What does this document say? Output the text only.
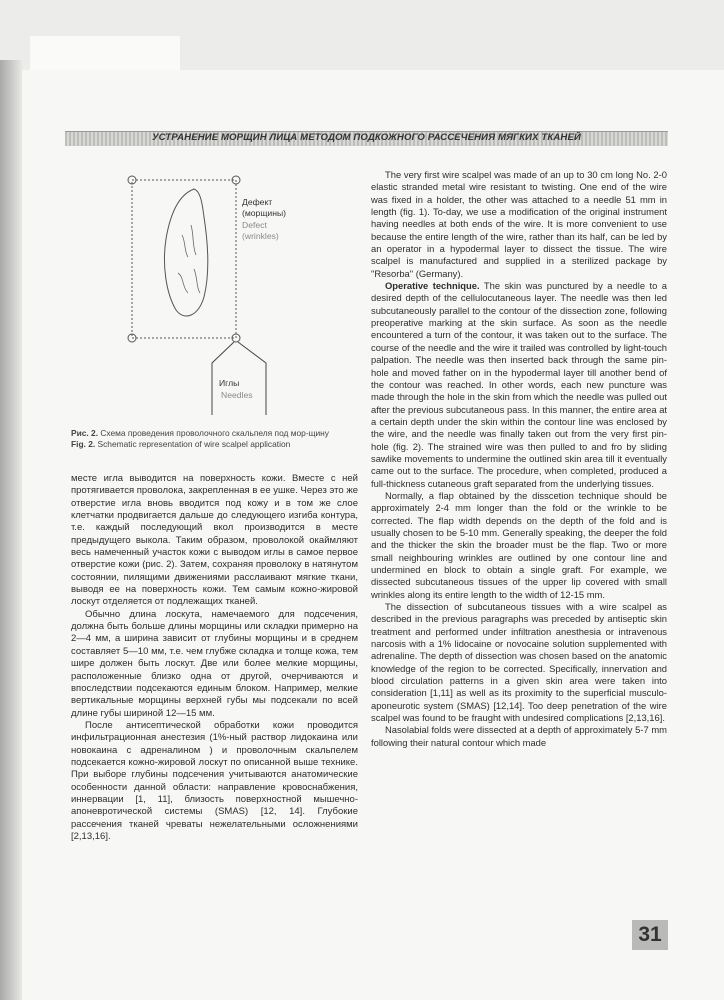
УСТРАНЕНИЕ МОРЩИН ЛИЦА МЕТОДОМ ПОДКОЖНОГО РАССЕЧЕНИЯ МЯГКИХ ТКАНЕЙ
Дефект
(морщины)
Defect
(wrinkles)
Иглы
Needles
Рис. 2. Схема проведения проволочного скальпеля под мор-щину
Fig. 2. Schematic representation of wire scalpel application

месте игла выводится на поверхность кожи. Вместе с ней протягивается проволока, закрепленная в ее ушке. Через это же отверстие игла вновь вводится под кожу и в том же слое клетчатки продвигается дальше до следующего изгиба контура, т.е. каждый последующий вкол производится в месте предыдущего выкола. Таким образом, проволокой окаймляют весь намеченный участок кожи с выводом иглы в самое первое отверстие кожи (рис. 2). Затем, сохраняя проволоку в натянутом состоянии, пилящими движениями расслаивают мягкие ткани, выводя ее на поверхность кожи. Тем самым кожно-жировой лоскут отделяется от подлежащих тканей.

Обычно длина лоскута, намечаемого для подсечения, должна быть больше длины морщины или складки примерно на 2—4 мм, а ширина зависит от глубины морщины и в среднем составляет 5—10 мм, т.е. чем глубже складка и толще кожа, тем шире должен быть лоскут. Две или более мелкие морщины, расположенные близко одна от другой, очерчиваются и впоследствии подсекаются единым блоком. Например, мелкие вертикальные морщины верхней губы мы подсекали по всей длине губы шириной 12—15 мм.

После антисептической обработки кожи проводится инфильтрационная анестезия (1%-ный раствор лидокаина или новокаина с адреналином ) и проволочным скальпелем подсекается кожно-жировой лоскут по описанной выше технике. При выборе глубины подсечения учитываются анатомические особенности данной области: направление кровоснабжения, иннервации [1, 11], близость поверхностной мышечно-апоневротической системы (SMAS) [12, 14]. Глубокие рассечения тканей чреваты нежелательными осложнениями [2,13,16].

The very first wire scalpel was made of an up to 30 cm long No. 2-0 elastic stranded metal wire resistant to twisting. One end of the wire was fixed in a holder, the other was attached to a needle 51 mm in length (fig. 1). To-day, we use a modification of the original instrument having needles at both ends of the wire. It is more convenient to use because the entire length of the wire, rather than its half, can be led by an operator in a hypodermal layer to dissect the tissue. The wire scalpel is manufactured and supplied in a sterilized package by "Resorba" (Germany).

Operative technique. The skin was punctured by a needle to a desired depth of the cellulocutaneous layer. The needle was then led subcutaneously parallel to the contour of the dissection zone, following preoperative marking at the skin surface. As soon as the needle encountered a turn of the contour, it was taken out to the surface. The course of the needle and the wire it trailed was controlled by light-touch palpation. The needle was then inserted back through the same pin-hole and moved father on in the hypodermal layer till another bend of the contour was reached. In other words, each new puncture was made through the hole in the skin from which the needle was pulled out after the previous subcutaneous pass. In this manner, the entire area at a certain depth under the skin within the contour line was enclosed by the wire, and the needle was finally taken out from the very first pin-hole (fig. 2). The strained wire was then pulled to and fro by sliding sawlike movements to undermine the outlined skin area till it eventually came out to the surface. The procedure, when completed, produced a full-thickness cutaneous graft separated from the underlying tissues.

Normally, a flap obtained by the disscetion technique should be approximately 2-4 mm longer than the fold or the wrinkle to be corrected. The flap width depends on the depth of the fold and is usually chosen to be 5-10 mm. Generally speaking, the deeper the fold and the thicker the skin the broader must be the flap. Two or more small neighbouring wrinkles are outlined by one contour line and undermined en block to obtain a single graft. For example, we dissected subcutaneous tissues of the upper lip covered with small wrinkles along its entire length to the width of 12-15 mm.

The dissection of subcutaneous tissues with a wire scalpel as described in the previous paragraphs was preceded by antiseptic skin treatment and performed under infiltration anesthesia or intravenous narcosis with a 1% lidocaine or novocaine solution supplemented with adrenaline. The depth of dissection was chosen based on the anatomic knowledge of the region to be corrected. Specifically, innervation and blood circulation patterns in a given skin area were taken into consideration [1,11] as well as its proximity to the superficial musculo-aponeurotic system (SMAS) [12,14]. Too deep penetration of the wire scalpel was found to be fraught with undesired complications [2,13,16].

Nasolabial folds were dissected at a depth of approximately 5-7 mm following their natural contour which made

31
